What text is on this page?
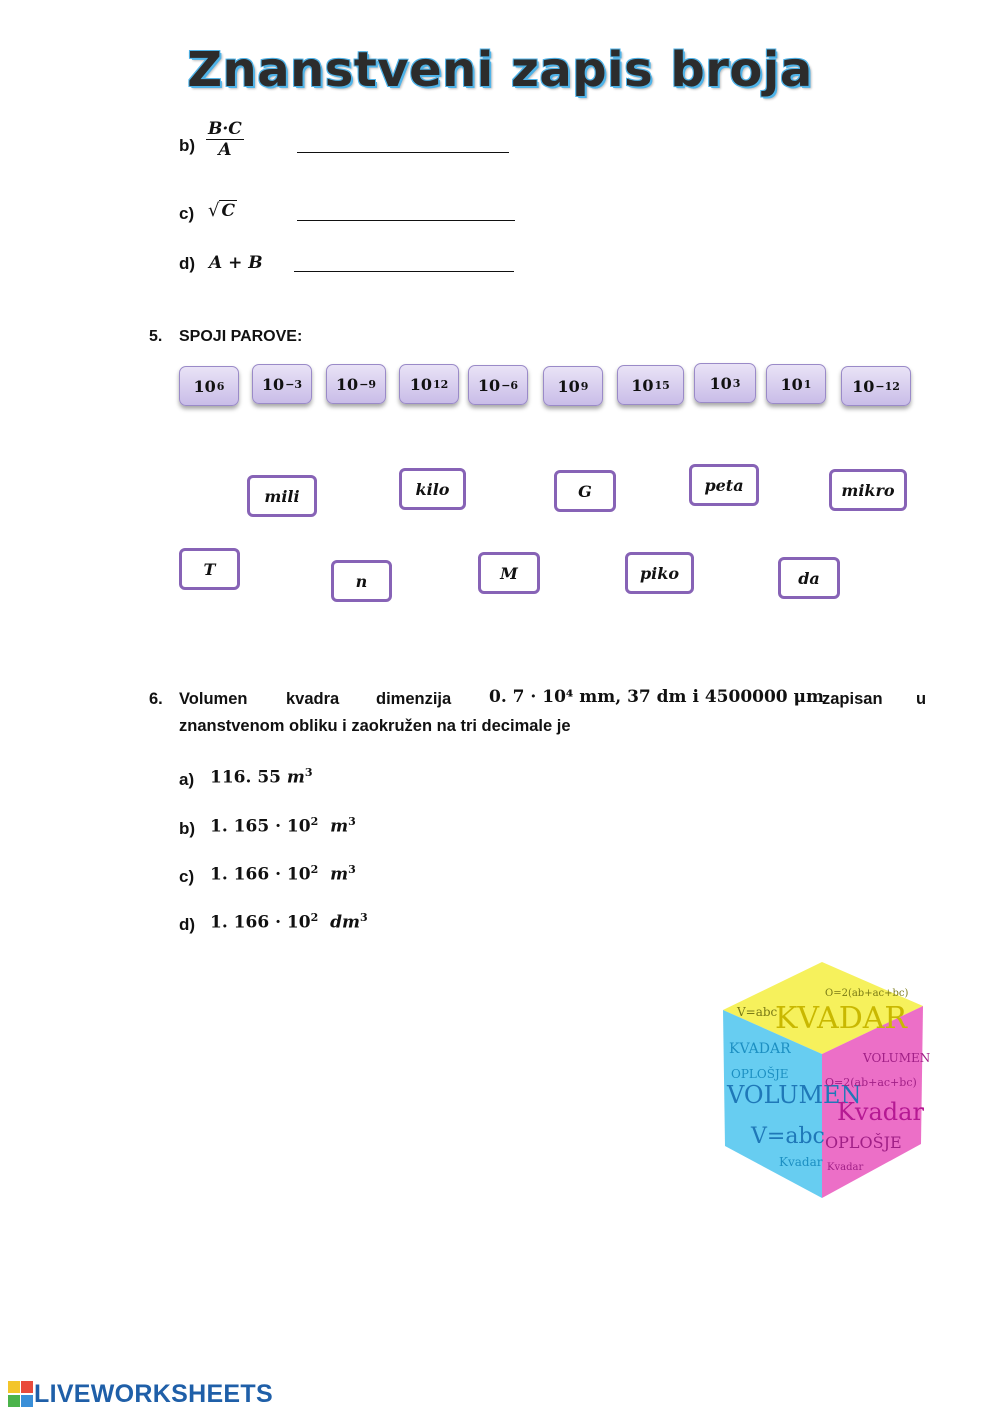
Znanstveni zapis broja
$b) \frac{B\cdot C}{A}$
c) √ C
d) A + B
5. SPOJI PAROVE:
10 6 10 −3 10 −9 10 12 10 −6 10 9	10 15 10 3	10 1	10 −12
mili	kilo	G	peta	mikro
T
n	M	piko	da
6. Volumen kvadra dimenzija 0. 7 · 10⁴ mm, 37 dm i 4500000 μm
zapisan u
znanstvenom obliku i zaokružen na tri decimale je
a) 116. 55 $m^3$
b) 1. $165 \cdot 10^2$ $m^3$
c) 1. $166 \cdot 10^2$ $m^3$
d) 1. $166 \cdot 10^2$ $dm^3$
KVADAR
V=abc
O=2(ab+ac+bc)
KVADAR
VOLUMEN
V=abc
OPLOŠJE
Kvadar
VOLUMEN
O=2(ab+ac+bc)
Kvadar
OPLOŠJE
Kvadar
LIVEWORKSHEETS
